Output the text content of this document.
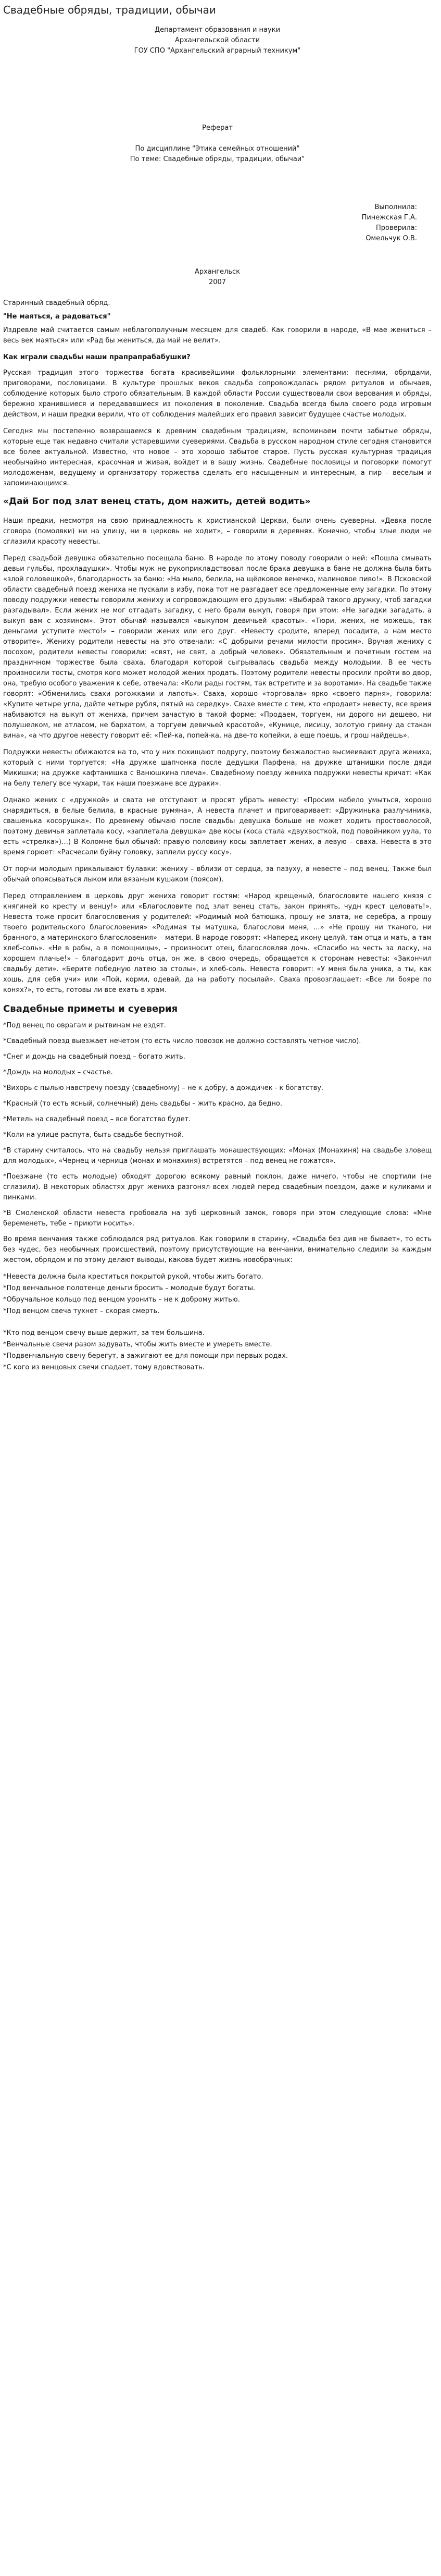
Свадебные обряды, традиции, обычаи

Департамент образования и науки

Архангельской области

ГОУ СПО "Архангельский аграрный техникум"

Реферат

По дисциплине "Этика семейных отношений"

По теме: Свадебные обряды, традиции, обычаи"

Выполнила:

Пинежская Г.А.

Проверила:

Омельчук О.В.

Архангельск

2007

Старинный свадебный обряд.

"Не маяться, а радоваться"

Издревле май считается самым неблагополучным месяцем для свадеб. Как говорили в народе, «В мае жениться – весь век маяться» или «Рад бы жениться, да май не велит».

Как играли свадьбы наши прапрапрабабушки?

Русская традиция этого торжества богата красивейшими фольклорными элементами: песнями, обрядами, приговорами, пословицами. В культуре прошлых веков свадьба сопровождалась рядом ритуалов и обычаев, соблюдение которых было строго обязательным. В каждой области России существовали свои верования и обряды, бережно хранившиеся и передававшиеся из поколения в поколение. Свадьба всегда была своего рода игровым действом, и наши предки верили, что от соблюдения малейших его правил зависит будущее счастье молодых.

Сегодня мы постепенно возвращаемся к древним свадебным традициям, вспоминаем почти забытые обряды, которые еще так недавно считали устаревшими суевериями. Свадьба в русском народном стиле сегодня становится все более актуальной. Известно, что новое – это хорошо забытое старое. Пусть русская культурная традиция необычайно интересная, красочная и живая, войдет и в вашу жизнь. Свадебные пословицы и поговорки помогут молодоженам, ведущему и организатору торжества сделать его насыщенным и интересным, а пир – веселым и запоминающимся.

«Дай Бог под злат венец стать, дом нажить, детей водить»

Наши предки, несмотря на свою принадлежность к христианской Церкви, были очень суеверны. «Девка после сговора (помолвки) ни на улицу, ни в церковь не ходит», – говорили в деревнях. Конечно, чтобы злые люди не сглазили красоту невесты.

Перед свадьбой девушка обязательно посещала баню. В народе по этому поводу говорили о ней: «Пошла смывать девьи гульбы, прохладушки». Чтобы муж не рукоприкладствовал после брака девушка в бане не должна была бить «злой головешкой», благодарность за баню: «На мыло, белила, на щёлковое венечко, малиновое пиво!». В Псковской области свадебный поезд жениха не пускали в избу, пока тот не разгадает все предложенные ему загадки. По этому поводу подружки невесты говорили жениху и сопровождающим его друзьям: «Выбирай такого дружку, чтоб загадки разгадывал». Если жених не мог отгадать загадку, с него брали выкуп, говоря при этом: «Не загадки загадать, а выкуп вам с хозяином». Этот обычай назывался «выкупом девичьей красоты». «Тюри, жених, не можешь, так деньгами уступите место!» – говорили жених или его друг. «Невесту сродите, вперед посадите, а нам место отворите». Жениху родители невесты на это отвечали: «С добрыми речами милости просим». Вручая жениху с посохом, родители невесты говорили: «свят, не свят, а добрый человек». Обязательным и почетным гостем на праздничном торжестве была сваха, благодаря которой сыгрывалась свадьба между молодыми. В ее честь произносили тосты, смотря кого может молодой жених продать. Поэтому родители невесты просили пройти во двор, она, требую особого уважения к себе, отвечала: «Коли рады гостям, так встретите и за воротами». На свадьбе также говорят: «Обменились свахи рогожками и лапоть». Сваха, хорошо «торговала» ярко «своего парня», говорила: «Купите четыре угла, дайте четыре рубля, пятый на середку». Свахе вместе с тем, кто «продает» невесту, все время набиваются на выкуп от жениха, причем зачастую в такой форме: «Продаем, торгуем, ни дорого ни дешево, ни полушелком, не атласом, не бархатом, а торгуем девичьей красотой», «Кунице, лисицу, золотую гривну да стакан вина», «а что другое невесту говорит её: «Пей-ка, попей-ка, на две-то копейки, а еще поешь, и грош найдешь».

Подружки невесты обижаются на то, что у них похищают подругу, поэтому безжалостно высмеивают друга жениха, который с ними торгуется: «На дружке шапчонка после дедушки Парфена, на дружке штанишки после дяди Микишки; на дружке кафтанишка с Ванюшкина плеча». Свадебному поезду жениха подружки невесты кричат: «Как на белу телегу все чухари, так наши поезжане все дураки».

Однако жених с «дружкой» и свата не отступают и просят убрать невесту: «Просим набело умыться, хорошо снарядиться, в белые белила, в красные румяна», А невеста плачет и приговаривает: «Дружинька разлучиника, свашенька косорушка». По древнему обычаю после свадьбы девушка больше не может ходить простоволосой, поэтому девичья заплетала косу, «заплетала девушка» две косы (коса стала «двухвосткой, под повойником уула, то есть «стрелка»)…) В Коломне был обычай: правую половину косы заплетает жених, а левую – сваха. Невеста в это время горюет: «Расчесали буйну головку, заплели руссу косу».

От порчи молодым прикалывают булавки: жениху – вблизи от сердца, за пазуху, а невесте – под венец. Также был обычай опоясываться лыком или вязаным кушаком (поясом).

Перед отправлением в церковь друг жениха говорит гостям: «Народ крещеный, благословите нашего князя с княгиней ко кресту и венцу!» или «Благословите под злат венец стать, закон принять, чудн крест целовать!». Невеста тоже просит благословения у родителей: «Родимый мой батюшка, прошу не злата, не серебра, а прошу твоего родительского благословения» «Родимая ты матушка, благослови меня, ...» «Не прошу ни тканого, ни бранного, а материнского благословения» – матери. В народе говорят: «Наперед икону целуй, там отца и мать, а там хлеб-соль». «Не в рабы, а в помощницы», – произносит отец, благословляя дочь. «Спасибо на честь за ласку, на хорошем плачье!» – благодарит дочь отца, он же, в свою очередь, обращается к сторонам невесты: «Закончил свадьбу дети». «Берите победную латею за столы», и хлеб-соль. Невеста говорит: «У меня была уника, а ты, как хошь, для себя учи» или «Пой, корми, одевай, да на работу посылай». Сваха провозглашает: «Все ли бояре по конях?», то есть, готовы ли все ехать в храм.

Свадебные приметы и суеверия

*Под венец по оврагам и рытвинам не ездят.

*Свадебный поезд выезжает нечетом (то есть число повозок не должно составлять четное число).

*Снег и дождь на свадебный поезд – богато жить.

*Дождь на молодых – счастье.

*Вихорь с пылью навстречу поезду (свадебному) – не к добру, а дождичек - к богатству.

*Красный (то есть ясный, солнечный) день свадьбы – жить красно, да бедно.

*Метель на свадебный поезд – все богатство будет.

*Коли на улице распута, быть свадьбе беспутной.

*В старину считалось, что на свадьбу нельзя приглашать монашествующих: «Монах (Монахиня) на свадьбе зловещ для молодых», «Чернец и черница (монах и монахиня) встретятся – под венец не гожатся».

*Поезжане (то есть молодые) обходят дорогою всякому равный поклон, даже ничего, чтобы не спортили (не сглазили). В некоторых областях друг жениха разгонял всех людей перед свадебным поездом, даже и куликами и пинками.

*В Смоленской области невеста пробовала на зуб церковный замок, говоря при этом следующие слова: «Мне беременеть, тебе – приюти носить».

Во время венчания также соблюдался ряд ритуалов. Как говорили в старину, «Свадьба без див не бывает», то есть без чудес, без необычных происшествий, поэтому присутствующие на венчании, внимательно следили за каждым жестом, обрядом и по этому делают выводы, какова будет жизнь новобрачных:

*Невеста должна была креститься покрытой рукой, чтобы жить богато.

*Под венчальное полотенце деньги бросить – молодые будут богаты.

*Обручальное кольцо под венцом уронить – не к доброму житью.

*Под венцом свеча тухнет – скорая смерть.

*Кто под венцом свечу выше держит, за тем большина.

*Венчальные свечи разом задувать, чтобы жить вместе и умереть вместе.

*Подвенчальную свечу берегут, а зажигают ее для помощи при первых родах.

*С кого из венцовых свечи спадает, тому вдовствовать.
